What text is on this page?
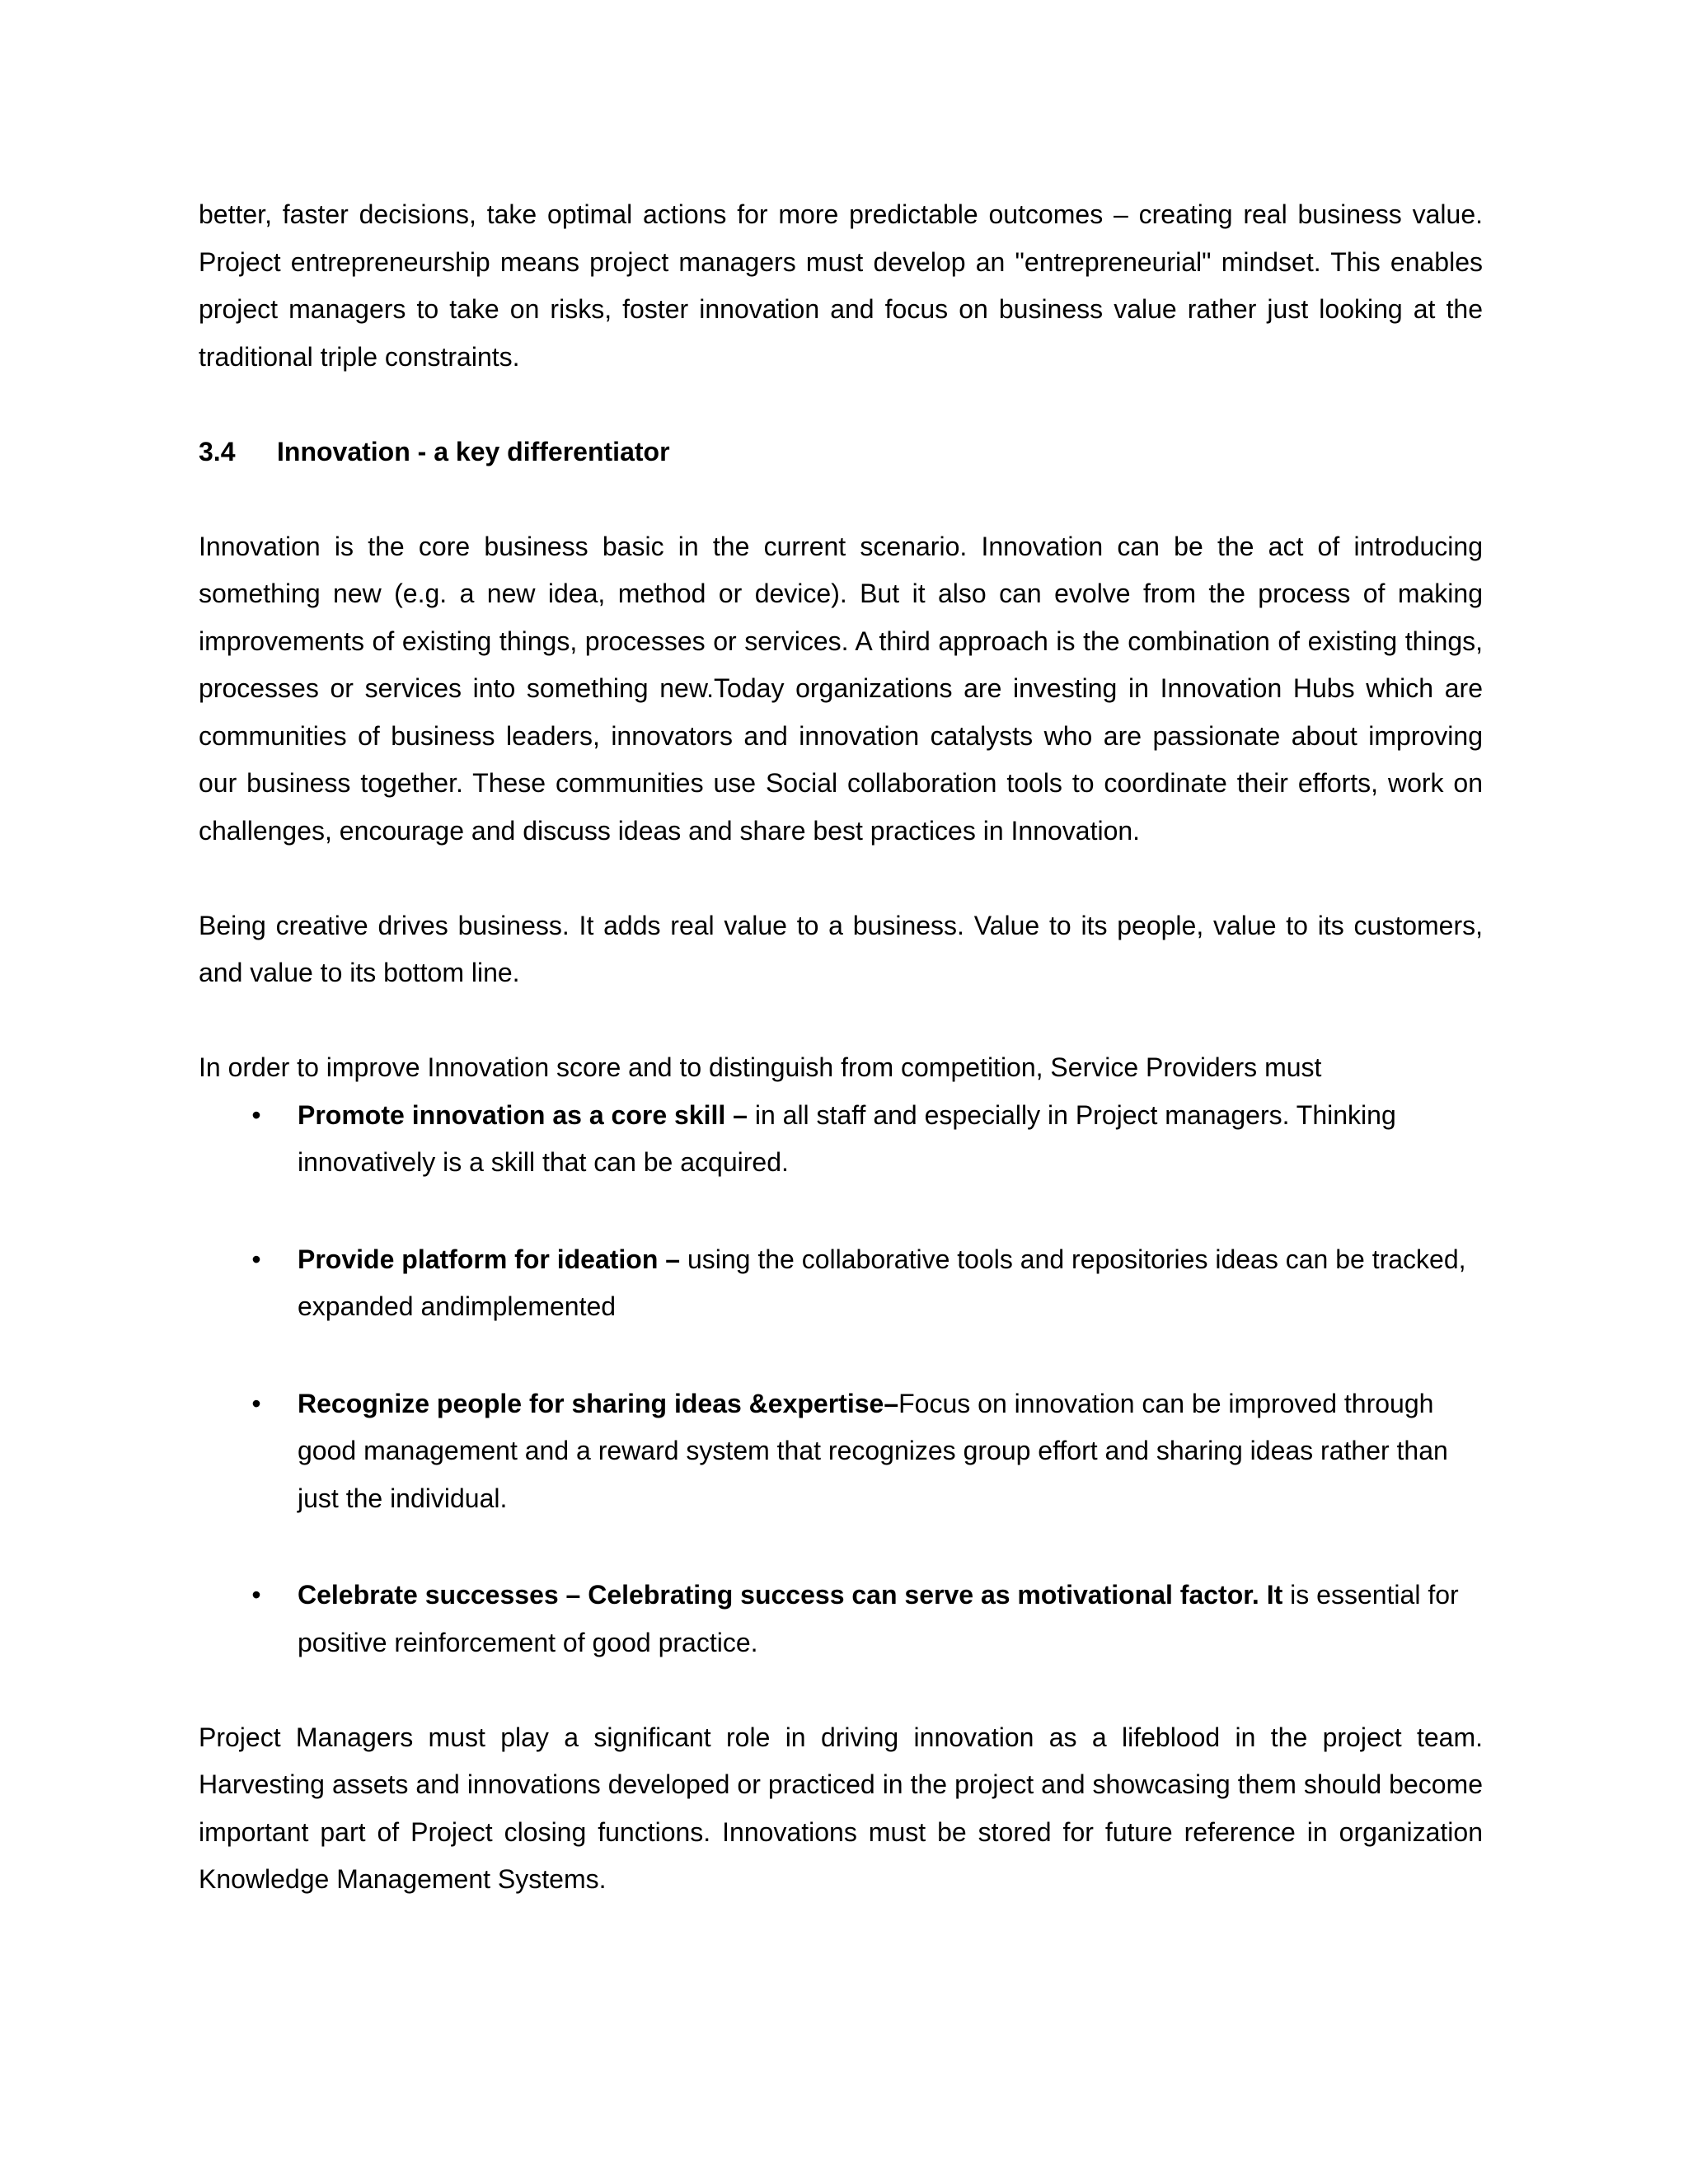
better, faster decisions, take optimal actions for more predictable outcomes – creating real business value. Project entrepreneurship means project managers must develop an "entrepreneurial" mindset. This enables project managers to take on risks, foster innovation and focus on business value rather just looking at the traditional triple constraints.

3.4	Innovation - a key differentiator

Innovation is the core business basic in the current scenario. Innovation can be the act of introducing something new (e.g. a new idea, method or device). But it also can evolve from the process of making improvements of existing things, processes or services. A third approach is the combination of existing things, processes or services into something new.Today organizations are investing in Innovation Hubs which are communities of business leaders, innovators and innovation catalysts who are passionate about improving our business together. These communities use Social collaboration tools to coordinate their efforts, work on challenges, encourage and discuss ideas and share best practices in Innovation.

Being creative drives business. It adds real value to a business. Value to its people, value to its customers, and value to its bottom line.

In order to improve Innovation score and to distinguish from competition, Service Providers must

• Promote innovation as a core skill – in all staff and especially in Project managers. Thinking innovatively is a skill that can be acquired.
• Provide platform for ideation – using the collaborative tools and repositories ideas can be tracked, expanded andimplemented
• Recognize people for sharing ideas &expertise–Focus on innovation can be improved through good management and a reward system that recognizes group effort and sharing ideas rather than just the individual.
• Celebrate successes – Celebrating success can serve as motivational factor. It is essential for positive reinforcement of good practice.

Project Managers must play a significant role in driving innovation as a lifeblood in the project team. Harvesting assets and innovations developed or practiced in the project and showcasing them should become important part of Project closing functions. Innovations must be stored for future reference in organization Knowledge Management Systems.
